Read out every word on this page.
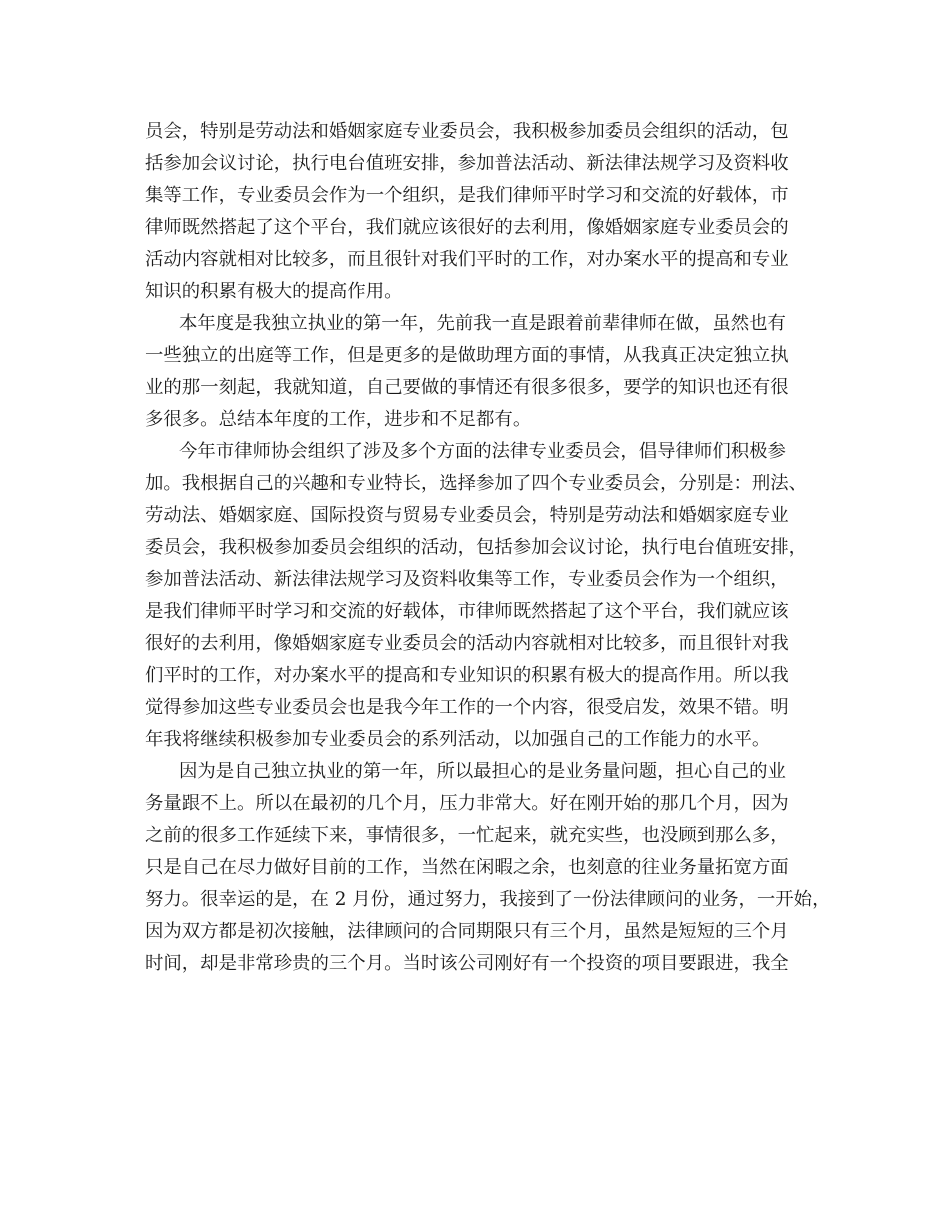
员会，特别是劳动法和婚姻家庭专业委员会，我积极参加委员会组织的活动，包
括参加会议讨论，执行电台值班安排，参加普法活动、新法律法规学习及资料收
集等工作，专业委员会作为一个组织，是我们律师平时学习和交流的好载体，市
律师既然搭起了这个平台，我们就应该很好的去利用，像婚姻家庭专业委员会的
活动内容就相对比较多，而且很针对我们平时的工作，对办案水平的提高和专业
知识的积累有极大的提高作用。
本年度是我独立执业的第一年，先前我一直是跟着前辈律师在做，虽然也有
一些独立的出庭等工作，但是更多的是做助理方面的事情，从我真正决定独立执
业的那一刻起，我就知道，自己要做的事情还有很多很多，要学的知识也还有很
多很多。总结本年度的工作，进步和不足都有。
今年市律师协会组织了涉及多个方面的法律专业委员会，倡导律师们积极参
加。我根据自己的兴趣和专业特长，选择参加了四个专业委员会，分别是：刑法、
劳动法、婚姻家庭、国际投资与贸易专业委员会，特别是劳动法和婚姻家庭专业
委员会，我积极参加委员会组织的活动，包括参加会议讨论，执行电台值班安排，
参加普法活动、新法律法规学习及资料收集等工作，专业委员会作为一个组织，
是我们律师平时学习和交流的好载体，市律师既然搭起了这个平台，我们就应该
很好的去利用，像婚姻家庭专业委员会的活动内容就相对比较多，而且很针对我
们平时的工作，对办案水平的提高和专业知识的积累有极大的提高作用。所以我
觉得参加这些专业委员会也是我今年工作的一个内容，很受启发，效果不错。明
年我将继续积极参加专业委员会的系列活动，以加强自己的工作能力的水平。
因为是自己独立执业的第一年，所以最担心的是业务量问题，担心自己的业
务量跟不上。所以在最初的几个月，压力非常大。好在刚开始的那几个月，因为
之前的很多工作延续下来，事情很多，一忙起来，就充实些，也没顾到那么多，
只是自己在尽力做好目前的工作，当然在闲暇之余，也刻意的往业务量拓宽方面
努力。很幸运的是，在 2 月份，通过努力，我接到了一份法律顾问的业务，一开始，
因为双方都是初次接触，法律顾问的合同期限只有三个月，虽然是短短的三个月
时间，却是非常珍贵的三个月。当时该公司刚好有一个投资的项目要跟进，我全
